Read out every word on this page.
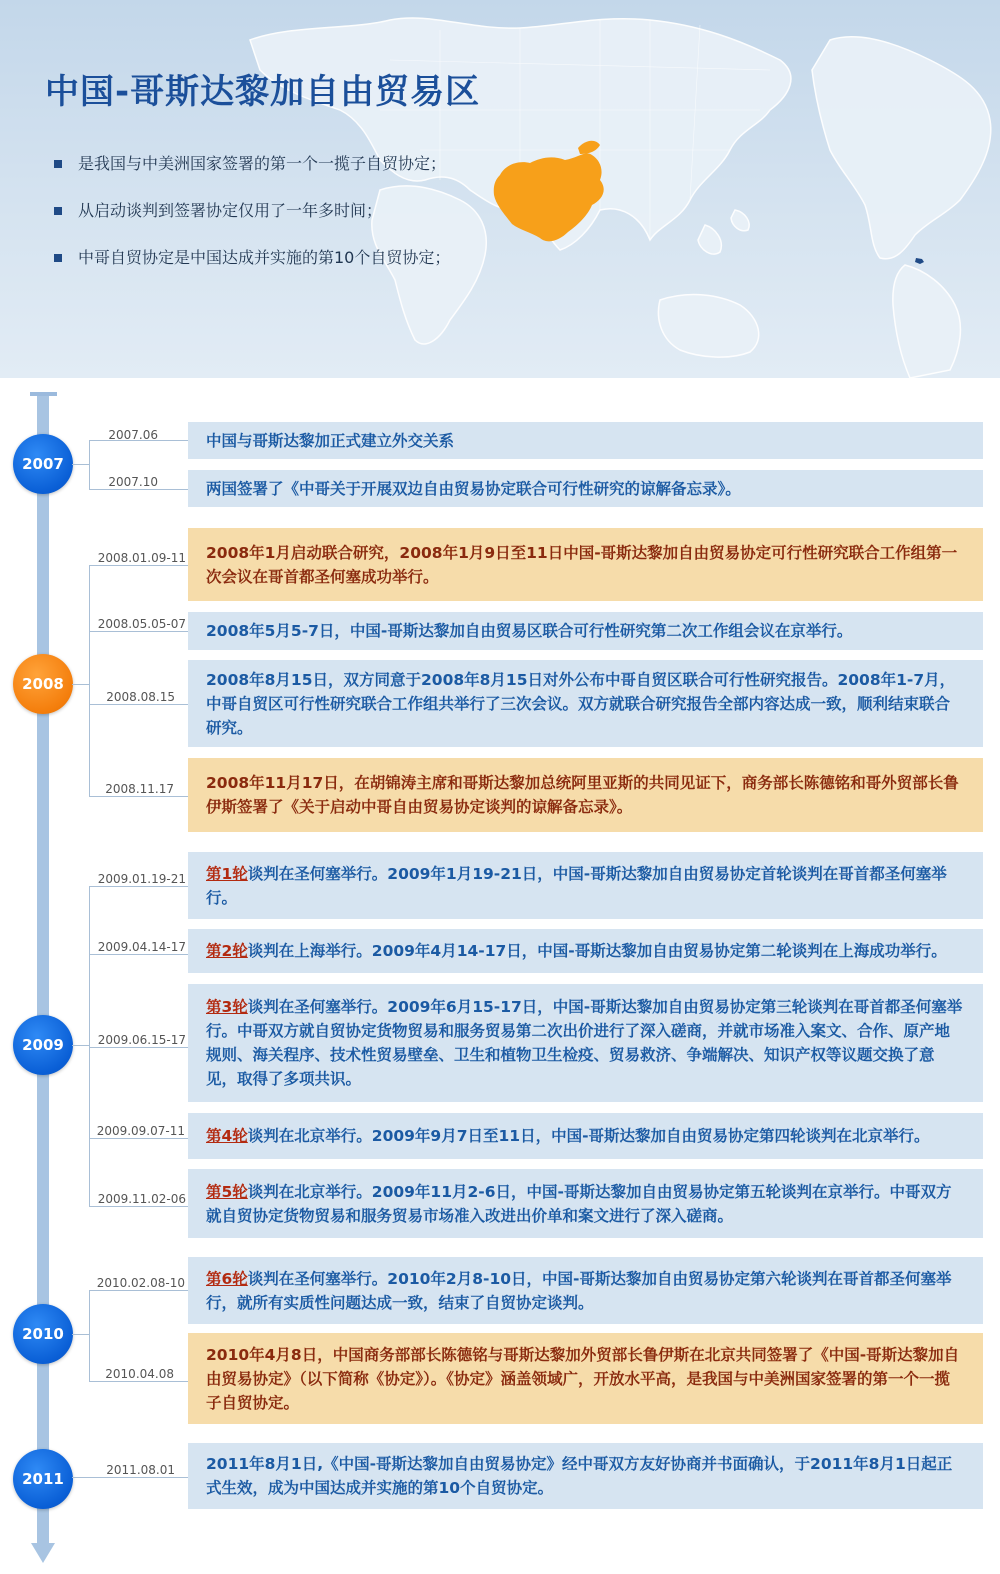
中国-哥斯达黎加自由贸易区
是我国与中美洲国家签署的第一个一揽子自贸协定；
从启动谈判到签署协定仅用了一年多时间；
中哥自贸协定是中国达成并实施的第10个自贸协定；
2007
2008
2009
2010
2011
2007.06
2007.10
2008.01.09-11
2008.05.05-07
2008.08.15
2008.11.17
2009.01.19-21
2009.04.14-17
2009.06.15-17
2009.09.07-11
2009.11.02-06
2010.02.08-10
2010.04.08
2011.08.01
中国与哥斯达黎加正式建立外交关系
两国签署了《中哥关于开展双边自由贸易协定联合可行性研究的谅解备忘录》。
2008年1月启动联合研究，2008年1月9日至11日中国-哥斯达黎加自由贸易协定可行性研究联合工作组第一次会议在哥首都圣何塞成功举行。
2008年5月5-7日，中国-哥斯达黎加自由贸易区联合可行性研究第二次工作组会议在京举行。
2008年8月15日，双方同意于2008年8月15日对外公布中哥自贸区联合可行性研究报告。2008年1-7月，中哥自贸区可行性研究联合工作组共举行了三次会议。双方就联合研究报告全部内容达成一致，顺利结束联合研究。
2008年11月17日，在胡锦涛主席和哥斯达黎加总统阿里亚斯的共同见证下，商务部长陈德铭和哥外贸部长鲁伊斯签署了《关于启动中哥自由贸易协定谈判的谅解备忘录》。
第1轮谈判在圣何塞举行。2009年1月19-21日，中国-哥斯达黎加自由贸易协定首轮谈判在哥首都圣何塞举行。
第2轮谈判在上海举行。2009年4月14-17日，中国-哥斯达黎加自由贸易协定第二轮谈判在上海成功举行。
第3轮谈判在圣何塞举行。2009年6月15-17日，中国-哥斯达黎加自由贸易协定第三轮谈判在哥首都圣何塞举行。中哥双方就自贸协定货物贸易和服务贸易第二次出价进行了深入磋商，并就市场准入案文、合作、原产地规则、海关程序、技术性贸易壁垒、卫生和植物卫生检疫、贸易救济、争端解决、知识产权等议题交换了意见，取得了多项共识。
第4轮谈判在北京举行。2009年9月7日至11日，中国-哥斯达黎加自由贸易协定第四轮谈判在北京举行。
第5轮谈判在北京举行。2009年11月2-6日，中国-哥斯达黎加自由贸易协定第五轮谈判在京举行。中哥双方就自贸协定货物贸易和服务贸易市场准入改进出价单和案文进行了深入磋商。
第6轮谈判在圣何塞举行。2010年2月8-10日，中国-哥斯达黎加自由贸易协定第六轮谈判在哥首都圣何塞举行，就所有实质性问题达成一致，结束了自贸协定谈判。
2010年4月8日，中国商务部部长陈德铭与哥斯达黎加外贸部长鲁伊斯在北京共同签署了《中国-哥斯达黎加自由贸易协定》（以下简称《协定》）。《协定》涵盖领域广，开放水平高，是我国与中美洲国家签署的第一个一揽子自贸协定。
2011年8月1日,《中国-哥斯达黎加自由贸易协定》经中哥双方友好协商并书面确认，于2011年8月1日起正式生效，成为中国达成并实施的第10个自贸协定。
